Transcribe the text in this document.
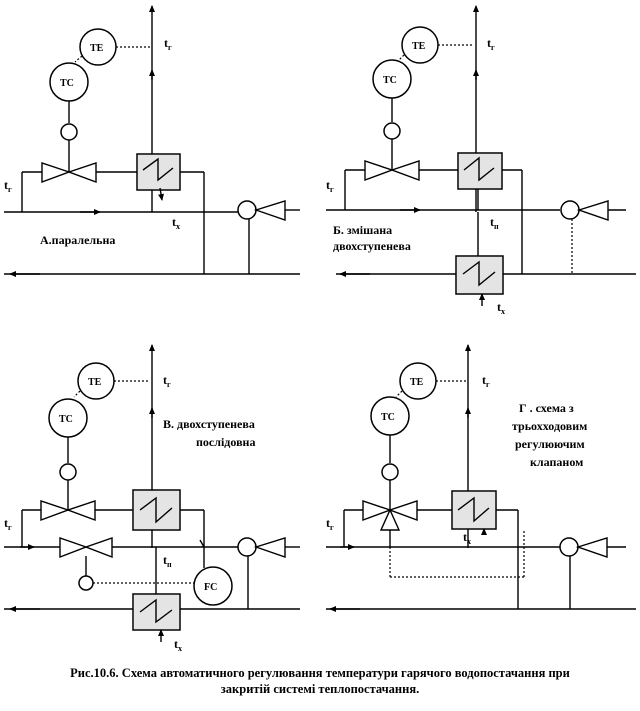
$t_г$
ТЕ
ТС
$t_г$
$t_х$
А.паралельна
$t_г$
ТЕ
ТС
$t_г$
$t_п$
$t_х$
Б. змішана
двохступенева
$t_г$
ТЕ
ТС
$t_г$
$t_п$
FC
$t_х$
В. двохступенева
послідовна
$t_г$
ТЕ
ТС
$t_г$
$t_х$
Г . схема з
трьохходовим
регулюючим
клапаном
Рис.10.6. Схема автоматичного регулювання температури гарячого водопостачання при
закритій системі теплопостачання.
